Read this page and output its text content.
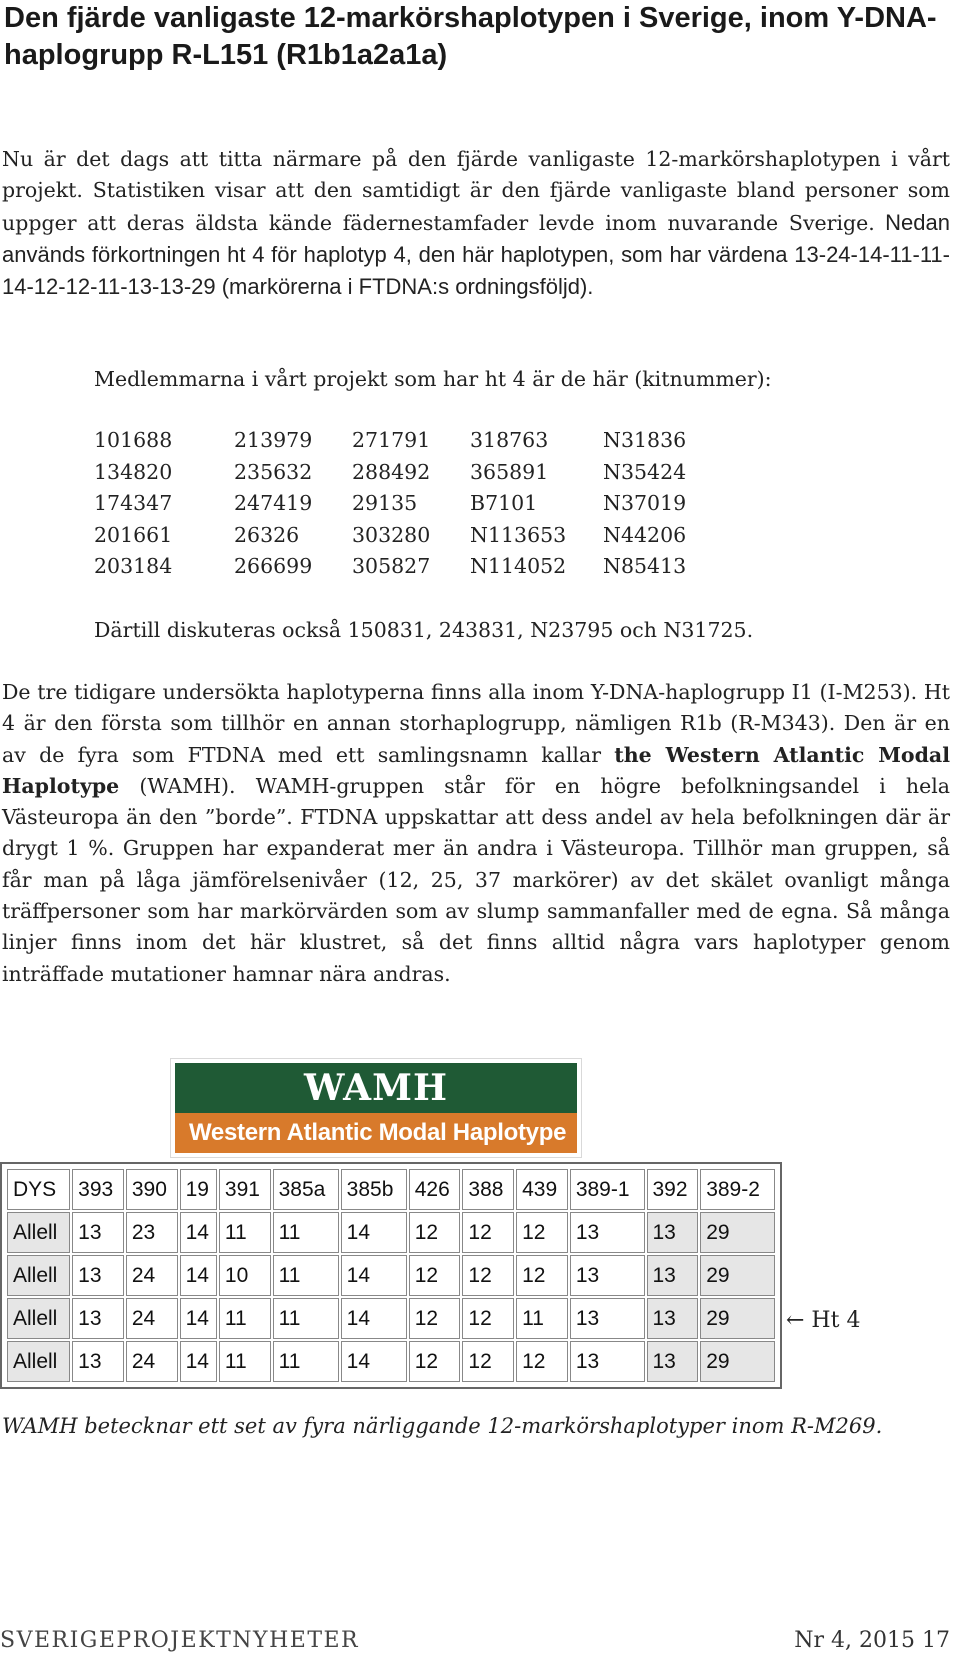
Den fjärde vanligaste 12-markörshaplotypen i Sverige, inom Y-DNA-haplogrupp R-L151 (R1b1a2a1a)

Nu är det dags att titta närmare på den fjärde vanligaste 12-markörshaplotypen i vårt projekt. Statistiken visar att den samtidigt är den fjärde vanligaste bland personer som uppger att deras äldsta kände fädernestamfader levde inom nuvarande Sverige. Nedan används förkortningen ht 4 för haplotyp 4, den här haplotypen, som har värdena 13-24-14-11-11-14-12-12-11-13-13-29 (markörerna i FTDNA:s ordningsföljd).

Medlemmarna i vårt projekt som har ht 4 är de här (kitnummer):

101688	213979	271791	318763	N31836
134820	235632	288492	365891	N35424
174347	247419	29135	B7101	N37019
201661	26326	303280	N113653	N44206
203184	266699	305827	N114052	N85413

Därtill diskuteras också 150831, 243831, N23795 och N31725.

De tre tidigare undersökta haplotyperna finns alla inom Y-DNA-haplogrupp I1 (I-M253). Ht 4 är den första som tillhör en annan storhaplogrupp, nämligen R1b (R-M343). Den är en av de fyra som FTDNA med ett samlingsnamn kallar the Western Atlantic Modal Haplotype (WAMH). WAMH-gruppen står för en högre befolkningsandel i hela Västeuropa än den ”borde”. FTDNA uppskattar att dess andel av hela befolkningen där är drygt 1 %. Gruppen har expanderat mer än andra i Västeuropa. Tillhör man gruppen, så får man på låga jämförelsenivåer (12, 25, 37 markörer) av det skälet ovanligt många träffpersoner som har markörvärden som av slump sammanfaller med de egna. Så många linjer finns inom det här klustret, så det finns alltid några vars haplotyper genom inträffade mutationer hamnar nära andras.

WAMH
Western Atlantic Modal Haplotype
DYS	393	390	19	391	385a	385b	426	388	439	389-1	392	389-2
Allell	13	23	14	11	11	14	12	12	12	13	13	29
Allell	13	24	14	10	11	14	12	12	12	13	13	29
Allell	13	24	14	11	11	14	12	12	11	13	13	29
Allell	13	24	14	11	11	14	12	12	12	13	13	29

← Ht 4

WAMH betecknar ett set av fyra närliggande 12-markörshaplotyper inom R-M269.

SVERIGEPROJEKTNYHETER	Nr 4, 2015 17
